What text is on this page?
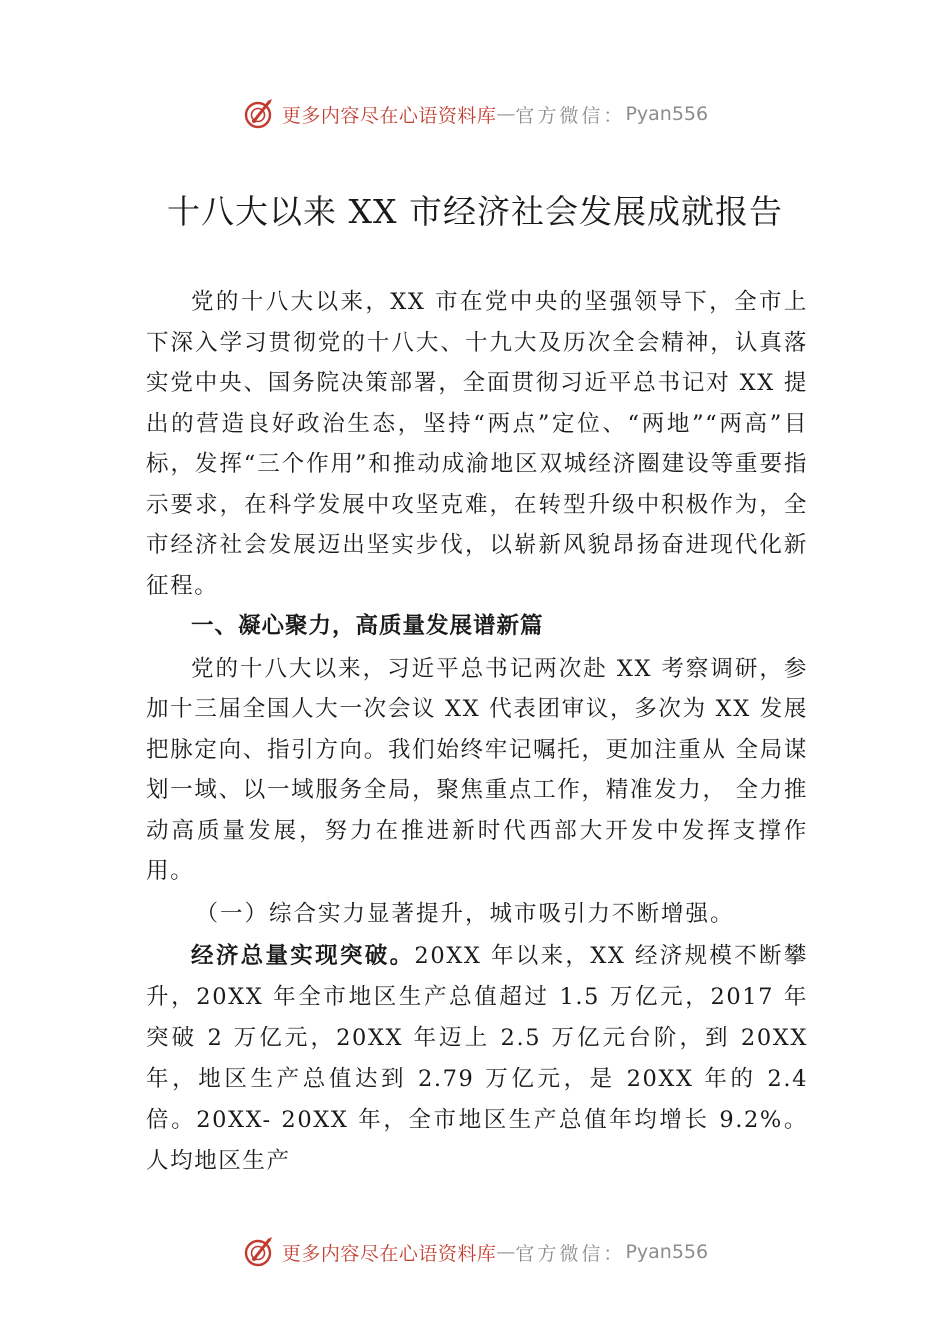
更多内容尽在心语资料库 — 官方微信： Pyan556
十八大以来 XX 市经济社会发展成就报告

党的十八大以来，XX 市在党中央的坚强领导下，全市上下深入学习贯彻党的十八大、十九大及历次全会精神，认真落实党中央、国务院决策部署，全面贯彻习近平总书记对 XX 提出的营造良好政治生态，坚持“两点”定位、“两地”“两高”目标，发挥“三个作用”和推动成渝地区双城经济圈建设等重要指示要求，在科学发展中攻坚克难，在转型升级中积极作为，全市经济社会发展迈出坚实步伐，以崭新风貌昂扬奋进现代化新征程。

一、凝心聚力，高质量发展谱新篇

党的十八大以来，习近平总书记两次赴 XX 考察调研，参加十三届全国人大一次会议 XX 代表团审议，多次为 XX 发展把脉定向、指引方向。我们始终牢记嘱托，更加注重从 全局谋划一域、以一域服务全局，聚焦重点工作，精准发力， 全力推动高质量发展，努力在推进新时代西部大开发中发挥支撑作用。

（一）综合实力显著提升，城市吸引力不断增强。

经济总量实现突破。20XX 年以来，XX 经济规模不断攀升，20XX 年全市地区生产总值超过 1.5 万亿元，2017 年突破 2 万亿元，20XX 年迈上 2.5 万亿元台阶，到 20XX 年，地区生产总值达到 2.79 万亿元，是 20XX 年的 2.4 倍。20XX- 20XX 年，全市地区生产总值年均增长 9.2%。人均地区生产

更多内容尽在心语资料库 — 官方微信： Pyan556
